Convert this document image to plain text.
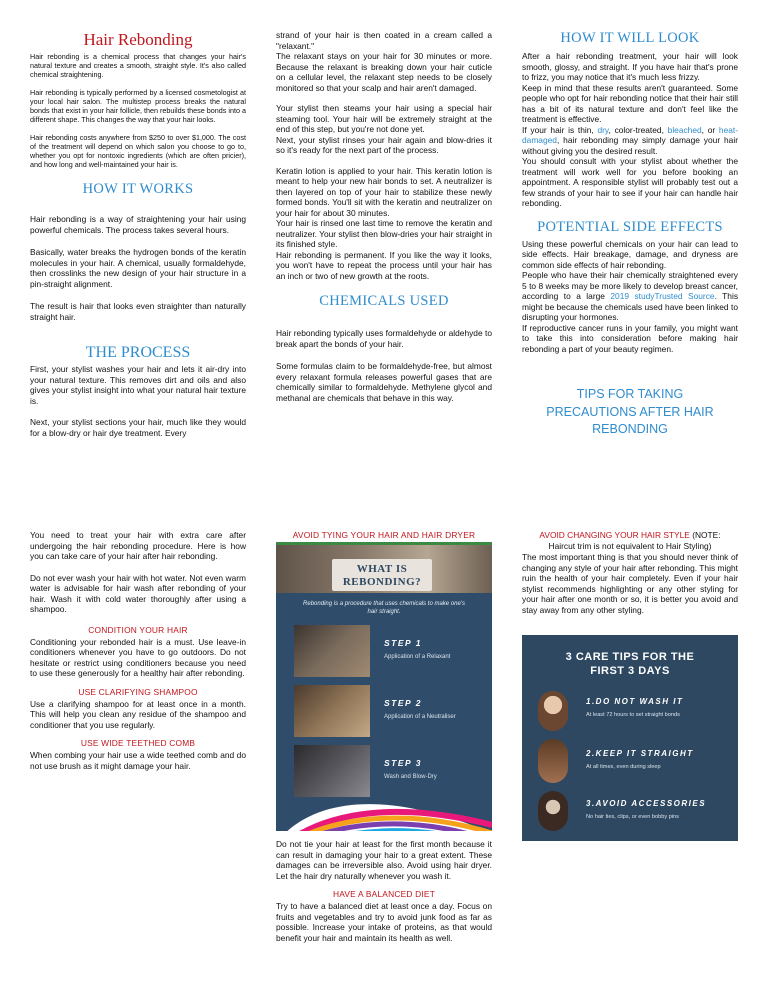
Hair Rebonding

Hair rebonding is a chemical process that changes your hair's natural texture and creates a smooth, straight style. It's also called chemical straightening.

Hair rebonding is typically performed by a licensed cosmetologist at your local hair salon. The multistep process breaks the natural bonds that exist in your hair follicle, then rebuilds these bonds into a different shape. This changes the way that your hair looks.

Hair rebonding costs anywhere from $250 to over $1,000. The cost of the treatment will depend on which salon you choose to go to, whether you opt for nontoxic ingredients (which are often pricier), and how long and well-maintained your hair is.

HOW IT WORKS

Hair rebonding is a way of straightening your hair using powerful chemicals. The process takes several hours.

Basically, water breaks the hydrogen bonds of the keratin molecules in your hair. A chemical, usually formaldehyde, then crosslinks the new design of your hair structure in a pin-straight alignment.

The result is hair that looks even straighter than naturally straight hair.

THE PROCESS

First, your stylist washes your hair and lets it air-dry into your natural texture. This removes dirt and oils and also gives your stylist insight into what your natural hair texture is.

Next, your stylist sections your hair, much like they would for a blow-dry or hair dye treatment. Every

strand of your hair is then coated in a cream called a "relaxant."

The relaxant stays on your hair for 30 minutes or more. Because the relaxant is breaking down your hair cuticle on a cellular level, the relaxant step needs to be closely monitored so that your scalp and hair aren't damaged.

Your stylist then steams your hair using a special hair steaming tool. Your hair will be extremely straight at the end of this step, but you're not done yet.

Next, your stylist rinses your hair again and blow-dries it so it's ready for the next part of the process.

Keratin lotion is applied to your hair. This keratin lotion is meant to help your new hair bonds to set. A neutralizer is then layered on top of your hair to stabilize these newly formed bonds. You'll sit with the keratin and neutralizer on your hair for about 30 minutes.

Your hair is rinsed one last time to remove the keratin and neutralizer. Your stylist then blow-dries your hair straight in its finished style.

Hair rebonding is permanent. If you like the way it looks, you won't have to repeat the process until your hair has an inch or two of new growth at the roots.

CHEMICALS USED

Hair rebonding typically uses formaldehyde or aldehyde to break apart the bonds of your hair.

Some formulas claim to be formaldehyde-free, but almost every relaxant formula releases powerful gases that are chemically similar to formaldehyde. Methylene glycol and methanal are chemicals that behave in this way.

HOW IT WILL LOOK

After a hair rebonding treatment, your hair will look smooth, glossy, and straight. If you have hair that's prone to frizz, you may notice that it's much less frizzy.

Keep in mind that these results aren't guaranteed. Some people who opt for hair rebonding notice that their hair still has a bit of its natural texture and don't feel like the treatment is effective.

If your hair is thin, dry, color-treated, bleached, or heat-damaged, hair rebonding may simply damage your hair without giving you the desired result.

You should consult with your stylist about whether the treatment will work well for you before booking an appointment. A responsible stylist will probably test out a few strands of your hair to see if your hair can handle hair rebonding.

POTENTIAL SIDE EFFECTS

Using these powerful chemicals on your hair can lead to side effects. Hair breakage, damage, and dryness are common side effects of hair rebonding.

People who have their hair chemically straightened every 5 to 8 weeks may be more likely to develop breast cancer, according to a large 2019 studyTrusted Source. This might be because the chemicals used have been linked to disrupting your hormones.

If reproductive cancer runs in your family, you might want to take this into consideration before making hair rebonding a part of your beauty regimen.

TIPS FOR TAKING PRECAUTIONS AFTER HAIR REBONDING

You need to treat your hair with extra care after undergoing the hair rebonding procedure. Here is how you can take care of your hair after hair rebonding.

Do not ever wash your hair with hot water. Not even warm water is advisable for hair wash after rebonding of your hair. Wash it with cold water thoroughly after using a shampoo.

CONDITION YOUR HAIR

Conditioning your rebonded hair is a must. Use leave-in conditioners whenever you have to go outdoors. Do not hesitate or restrict using conditioners because you need to use these generously for a healthy hair after rebonding.

USE CLARIFYING SHAMPOO

Use a clarifying shampoo for at least once in a month. This will help you clean any residue of the shampoo and conditioner that you use regularly.

USE WIDE TEETHED COMB

When combing your hair use a wide teethed comb and do not use brush as it might damage your hair.

AVOID TYING YOUR HAIR AND HAIR DRYER
WHAT IS REBONDING?
Rebonding is a procedure that uses chemicals to make one's hair straight.
STEP 1
Application of a Relaxant
STEP 2
Application of a Neutraliser
STEP 3
Wash and Blow-Dry

Do not tie your hair at least for the first month because it can result in damaging your hair to a great extent. These damages can be irreversible also. Avoid using hair dryer. Let the hair dry naturally whenever you wash it.

HAVE A BALANCED DIET

Try to have a balanced diet at least once a day. Focus on fruits and vegetables and try to avoid junk food as far as possible. Increase your intake of proteins, as that would benefit your hair and maintain its health as well.

AVOID CHANGING YOUR HAIR STYLE (NOTE:
Haircut trim is not equivalent to Hair Styling)

The most important thing is that you should never think of changing any style of your hair after rebonding. This might ruin the health of your hair completely. Even if your hair stylist recommends highlighting or any other styling for your hair after one month or so, it is better you avoid and stay away from any other styling.

3 CARE TIPS FOR THE
FIRST 3 DAYS
1.DO NOT WASH IT
At least 72 hours to set straight bonds
2.KEEP IT STRAIGHT
At all times, even during sleep
3.AVOID ACCESSORIES
No hair ties, clips, or even bobby pins
